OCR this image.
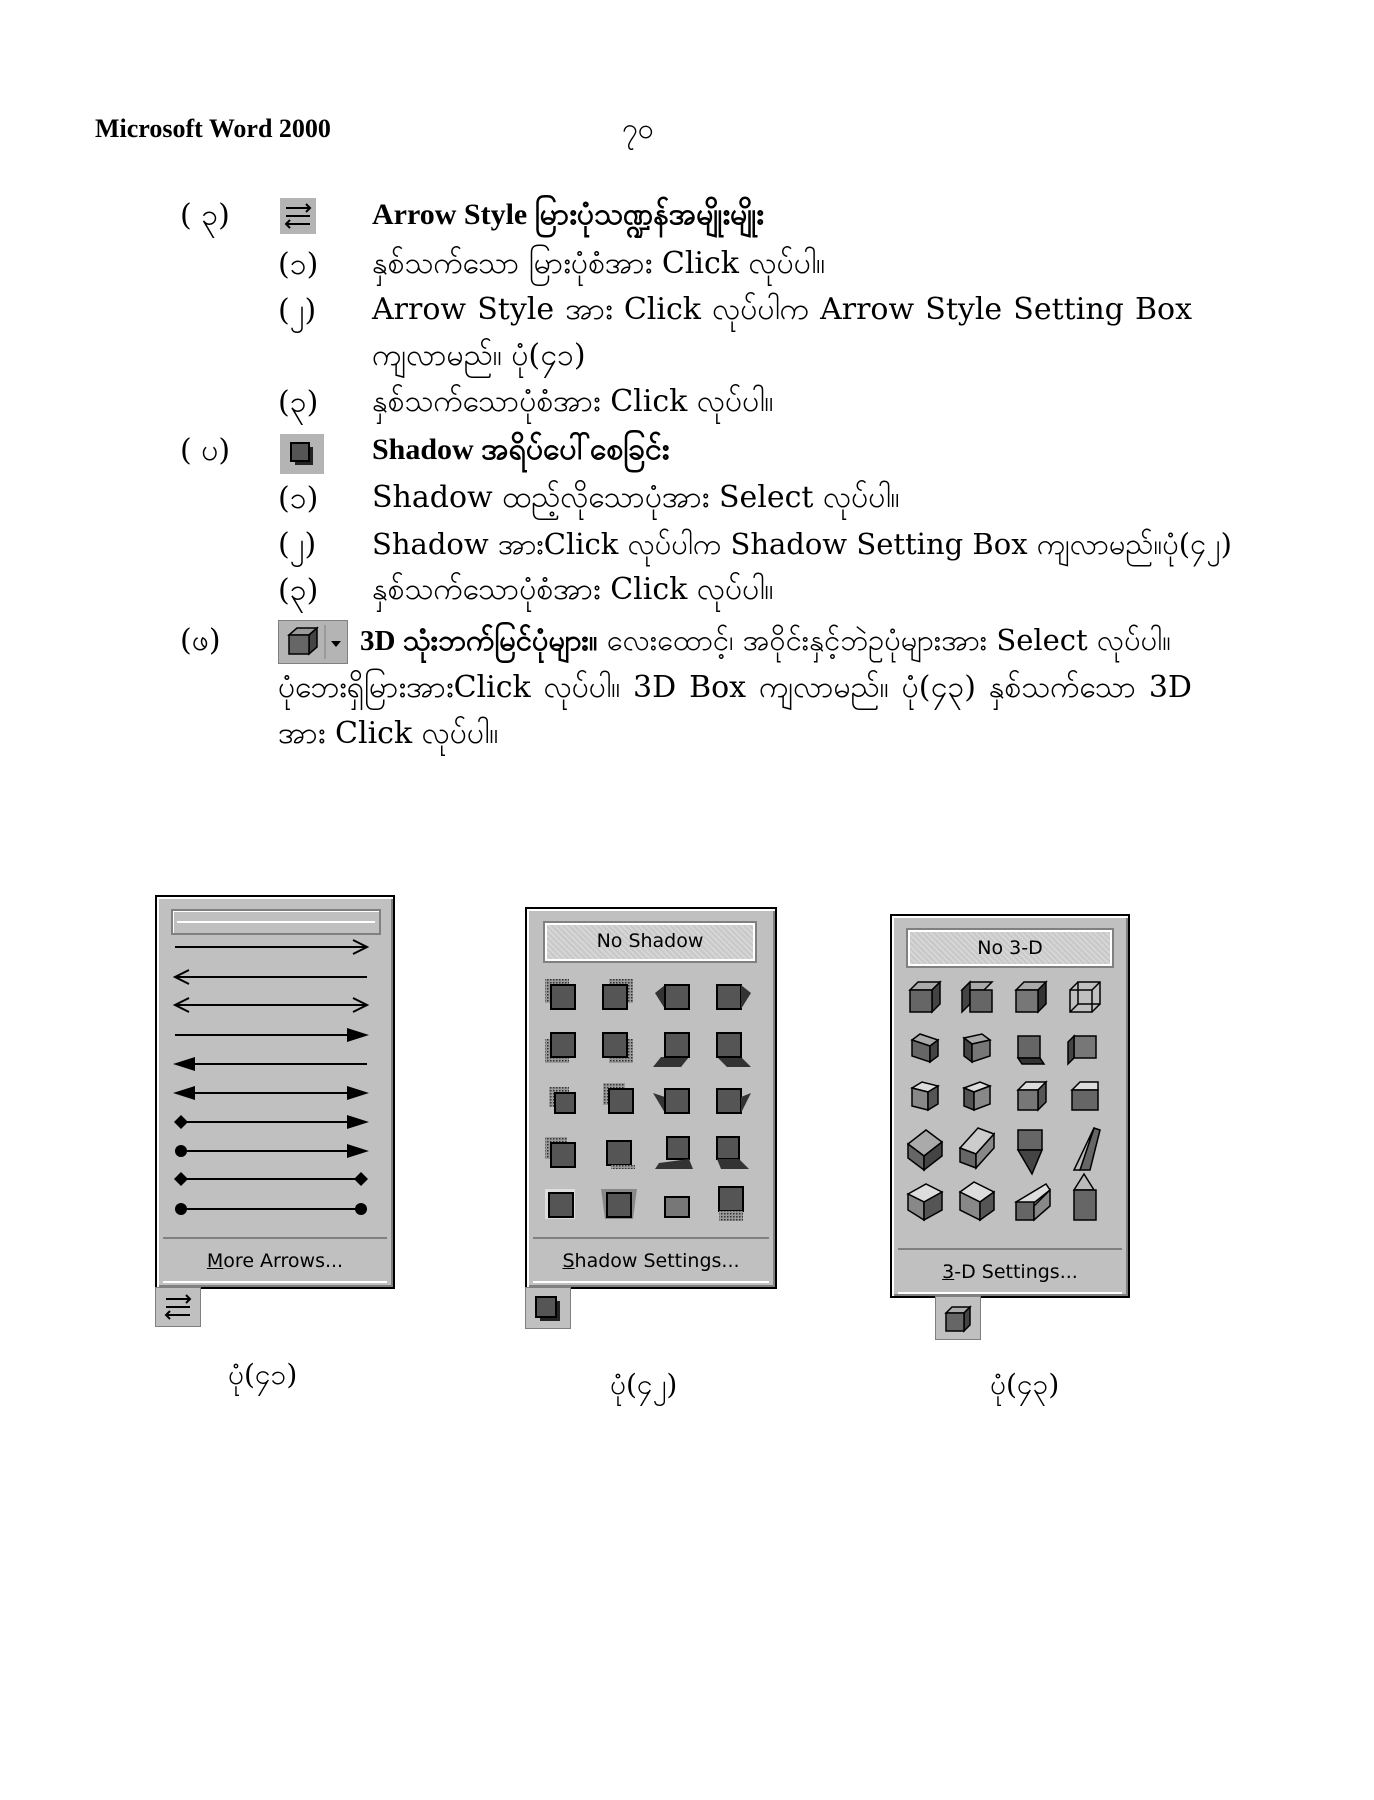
Microsoft Word 2000	၇၀
( ၃)	Arrow Style မြားပုံသဏ္ဍန်အမျိုးမျိုး
(၁) နှစ်သက်သော မြားပုံစံအား Click လုပ်ပါ။
(၂) Arrow Style အား Click လုပ်ပါက Arrow Style Setting Box
ကျလာမည်။ ပုံ(၄၁)
(၃) နှစ်သက်သောပုံစံအား Click လုပ်ပါ။
( ပ)	Shadow အရိပ်ပေါ်စေခြင်း
(၁) Shadow ထည့်လိုသောပုံအား Select လုပ်ပါ။
(၂) Shadow အားClick လုပ်ပါက Shadow Setting Box ကျလာမည်။ပုံ(၄၂)
(၃) နှစ်သက်သောပုံစံအား Click လုပ်ပါ။
(ဖ)	3D သုံးဘက်မြင်ပုံများ။ လေးထောင့်၊ အဝိုင်းနှင့်ဘဲဥပုံများအား Select လုပ်ပါ။
ပုံဘေးရှိမြားအားClick လုပ်ပါ။ 3D Box ကျလာမည်။ ပုံ(၄၃) နှစ်သက်သော 3D
အား Click လုပ်ပါ။
More Arrows...
ပုံ(၄၁)
No Shadow
Shadow Settings...
ပုံ(၄၂)
No 3-D
3-D Settings...
ပုံ(၄၃)
